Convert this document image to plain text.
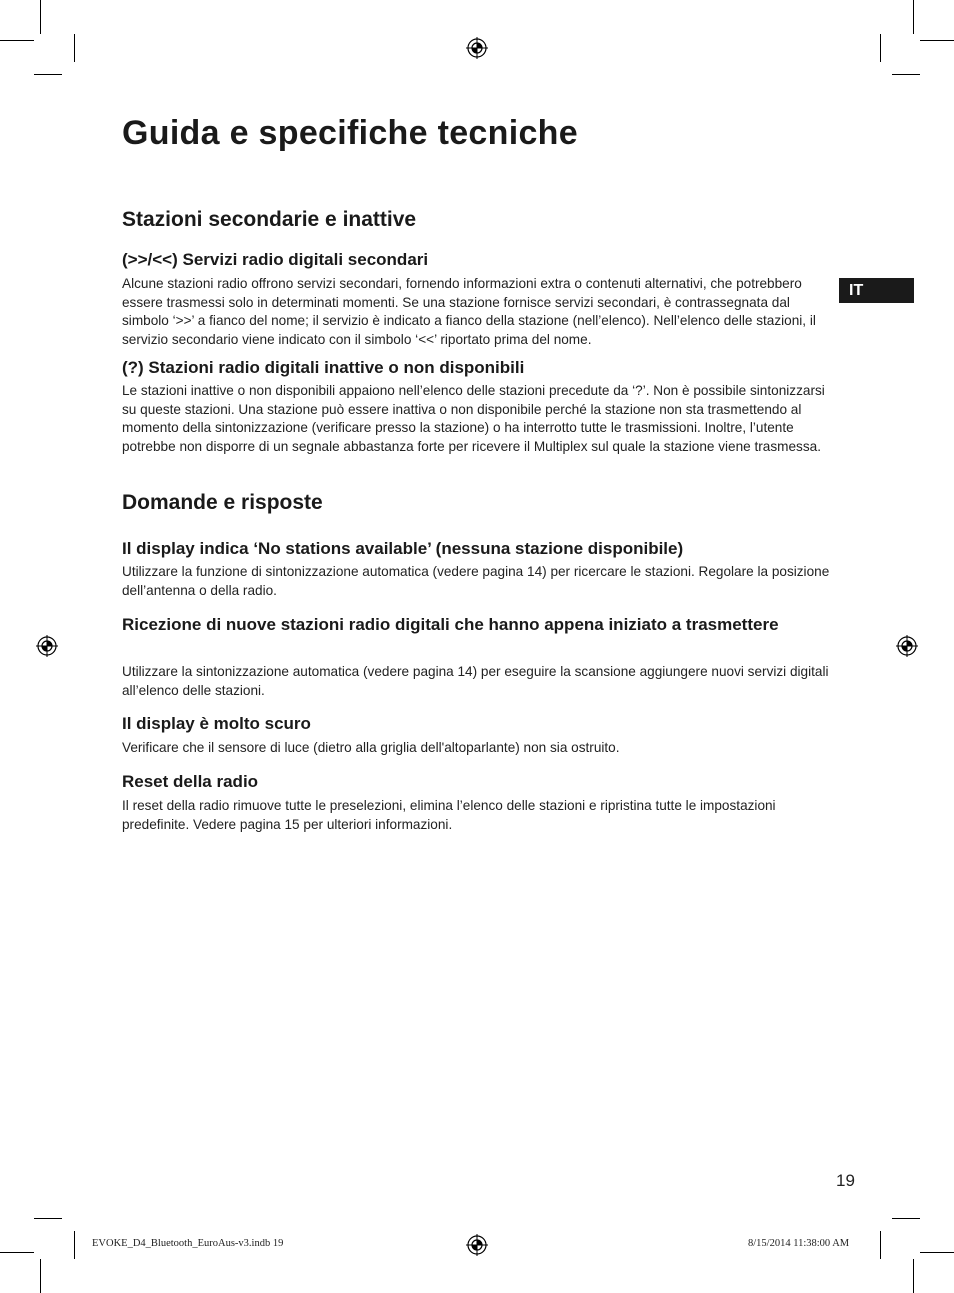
Guida e specifiche tecniche
IT
Stazioni secondarie e inattive
(>>/<<) Servizi radio digitali secondari

Alcune stazioni radio offrono servizi secondari, fornendo informazioni extra o contenuti alternativi, che potrebbero essere trasmessi solo in determinati momenti. Se una stazione fornisce servizi secondari, è contrassegnata dal simbolo ‘>>’ a fianco del nome; il servizio è indicato a fianco della stazione (nell’elenco). Nell’elenco delle stazioni, il servizio secondario viene indicato con il simbolo ‘<<’ riportato prima del nome.

(?) Stazioni radio digitali inattive o non disponibili

Le stazioni inattive o non disponibili appaiono nell’elenco delle stazioni precedute da ‘?’. Non è possibile sintonizzarsi su queste stazioni. Una stazione può essere inattiva o non disponibile perché la stazione non sta trasmettendo al momento della sintonizzazione (verificare presso la stazione) o ha interrotto tutte le trasmissioni. Inoltre, l’utente potrebbe non disporre di un segnale abbastanza forte per ricevere il Multiplex sul quale la stazione viene trasmessa.

Domande e risposte
Il display indica ‘No stations available’ (nessuna stazione disponibile)

Utilizzare la funzione di sintonizzazione automatica (vedere pagina 14) per ricercare le stazioni. Regolare la posizione dell’antenna o della radio.

Ricezione di nuove stazioni radio digitali che hanno appena iniziato a trasmettere

Utilizzare la sintonizzazione automatica (vedere pagina 14) per eseguire la scansione aggiungere nuovi servizi digitali all’elenco delle stazioni.

Il display è molto scuro

Verificare che il sensore di luce (dietro alla griglia dell'altoparlante) non sia ostruito.

Reset della radio

Il reset della radio rimuove tutte le preselezioni, elimina l’elenco delle stazioni e ripristina tutte le impostazioni predefinite. Vedere pagina 15 per ulteriori informazioni.

19
EVOKE_D4_Bluetooth_EuroAus-v3.indb 19	8/15/2014 11:38:00 AM
